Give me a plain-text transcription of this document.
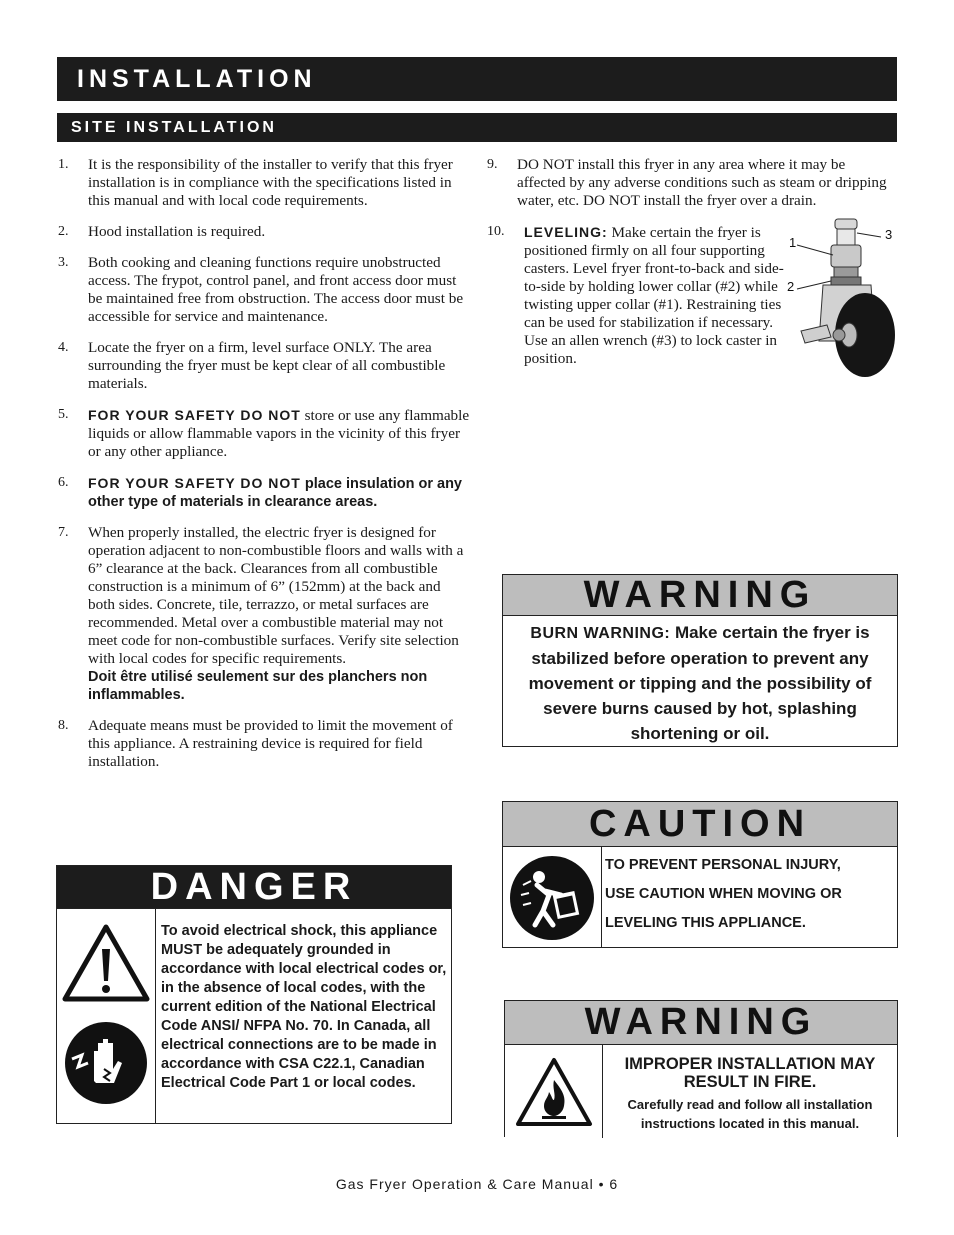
INSTALLATION
SITE INSTALLATION
1.	It is the responsibility of the installer to verify that this fryer installation is in compliance with the specifications listed in this manual and with local code requirements.
2.	Hood installation is required.
3.	Both cooking and cleaning functions require unobstructed access. The frypot, control panel, and front access door must be maintained free from obstruction. The access door must be accessible for service and maintenance.
4.	Locate the fryer on a firm, level surface ONLY. The area surrounding the fryer must be kept clear of all combustible materials.
5.	FOR YOUR SAFETY DO NOT store or use any flammable liquids or allow flammable vapors in the vicinity of this fryer or any other appliance.
6.	FOR YOUR SAFETY DO NOT place insulation or any other type of materials in clearance areas.
7.	When properly installed, the electric fryer is designed for operation adjacent to non-combustible floors and walls with a 6” clearance at the back. Clearances from all combustible construction is a minimum of 6” (152mm) at the back and both sides. Concrete, tile, terrazzo, or metal surfaces are recommended. Metal over a combustible material may not meet code for non-combustible surfaces. Verify site selection with local codes for specific requirements.
Doit être utilisé seulement sur des planchers non inflammables.
8.	Adequate means must be provided to limit the movement of this appliance. A restraining device is required for field installation.
9.	DO NOT install this fryer in any area where it may be affected by any adverse conditions such as steam or dripping water, etc. DO NOT install the fryer over a drain.
10.	LEVELING: Make certain the fryer is positioned firmly on all four supporting casters. Level fryer front-to-back and side-to-side by holding lower collar (#2) while twisting upper collar (#1). Restraining ties can be used for stabilization if necessary. Use an allen wrench (#3) to lock caster in position.
1
2
3
WARNING
BURN WARNING: Make certain the fryer is stabilized before operation to prevent any movement or tipping and the possibility of severe burns caused by hot, splashing shortening or oil.
CAUTION
TO PREVENT PERSONAL INJURY,
USE CAUTION WHEN MOVING OR
LEVELING THIS APPLIANCE.
DANGER
To avoid electrical shock, this appliance MUST be adequately grounded in accordance with local electrical codes or, in the absence of local codes, with the current edition of the National Electrical Code ANSI/ NFPA No. 70. In Canada, all electrical connections are to be made in accordance with CSA C22.1, Canadian Electrical Code Part 1 or local codes.
WARNING
IMPROPER INSTALLATION MAY RESULT IN FIRE.
Carefully read and follow all installation instructions located in this manual.
Gas Fryer Operation & Care Manual • 6
